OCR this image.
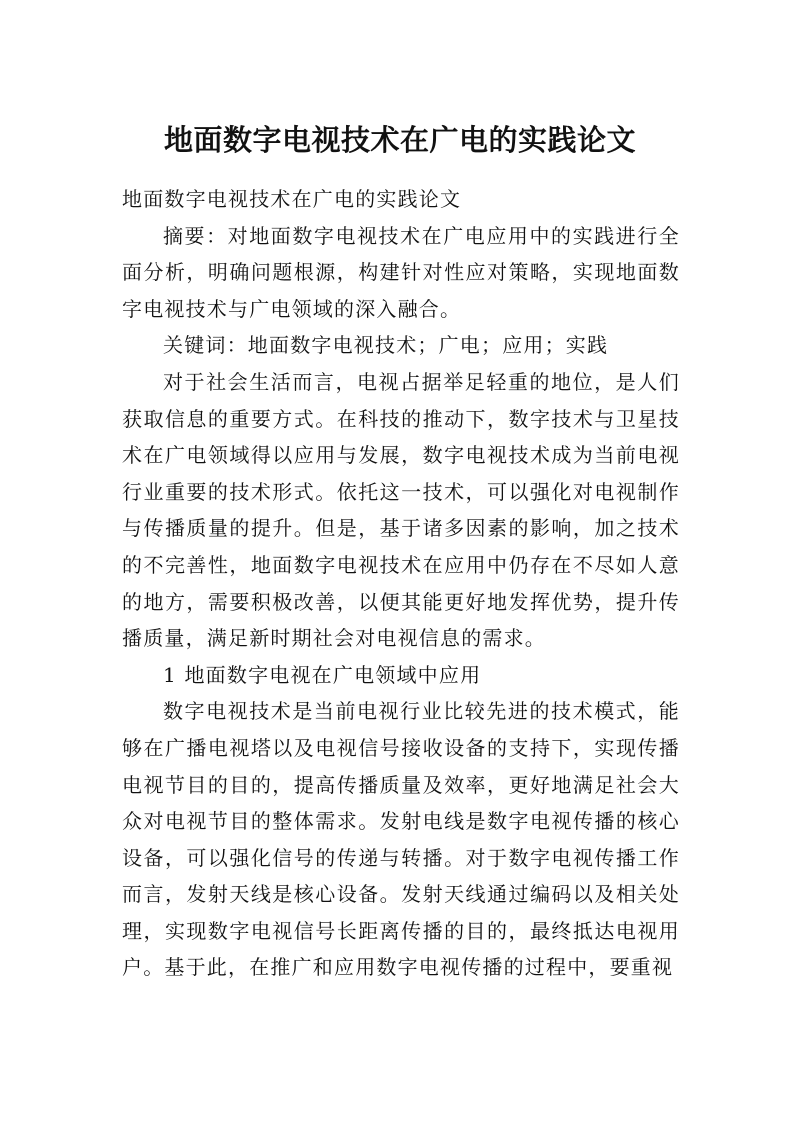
地面数字电视技术在广电的实践论文

地面数字电视技术在广电的实践论文

摘要：对地面数字电视技术在广电应用中的实践进行全面分析，明确问题根源，构建针对性应对策略，实现地面数字电视技术与广电领域的深入融合。

关键词：地面数字电视技术；广电；应用；实践

对于社会生活而言，电视占据举足轻重的地位，是人们获取信息的重要方式。在科技的推动下，数字技术与卫星技术在广电领域得以应用与发展，数字电视技术成为当前电视行业重要的技术形式。依托这一技术，可以强化对电视制作与传播质量的提升。但是，基于诸多因素的影响，加之技术的不完善性，地面数字电视技术在应用中仍存在不尽如人意的地方，需要积极改善，以便其能更好地发挥优势，提升传播质量，满足新时期社会对电视信息的需求。

1 地面数字电视在广电领域中应用

数字电视技术是当前电视行业比较先进的技术模式，能够在广播电视塔以及电视信号接收设备的支持下，实现传播电视节目的目的，提高传播质量及效率，更好地满足社会大众对电视节目的整体需求。发射电线是数字电视传播的核心设备，可以强化信号的传递与转播。对于数字电视传播工作而言，发射天线是核心设备。发射天线通过编码以及相关处理，实现数字电视信号长距离传播的目的，最终抵达电视用户。基于此，在推广和应用数字电视传播的过程中，要重视
